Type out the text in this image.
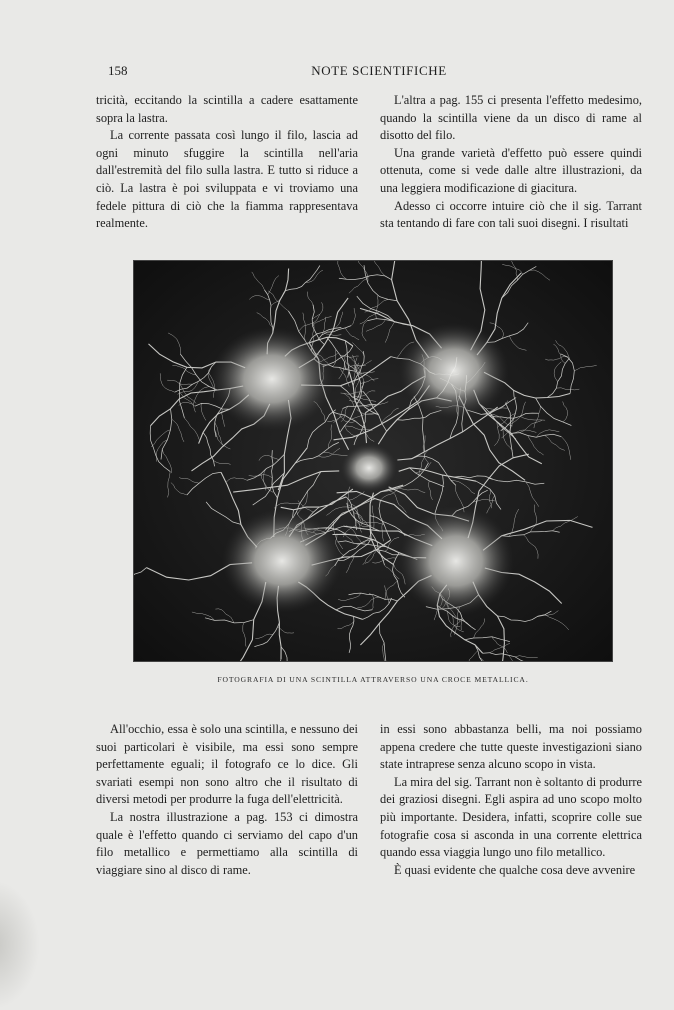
158	NOTE SCIENTIFICHE

tricità, eccitando la scintilla a cadere esattamente sopra la lastra.

La corrente passata così lungo il filo, lascia ad ogni minuto sfuggire la scintilla nell'aria dall'estremità del filo sulla lastra. E tutto si riduce a ciò. La lastra è poi sviluppata e vi troviamo una fedele pittura di ciò che la fiamma rappresentava realmente.

L'altra a pag. 155 ci presenta l'effetto medesimo, quando la scintilla viene da un disco di rame al disotto del filo.

Una grande varietà d'effetto può essere quindi ottenuta, come si vede dalle altre illustrazioni, da una leggiera modificazione di giacitura.

Adesso ci occorre intuire ciò che il sig. Tarrant sta tentando di fare con tali suoi disegni. I risultati

FOTOGRAFIA DI UNA SCINTILLA ATTRAVERSO UNA CROCE METALLICA.

All'occhio, essa è solo una scintilla, e nessuno dei suoi particolari è visibile, ma essi sono sempre perfettamente eguali; il fotografo ce lo dice. Gli svariati esempi non sono altro che il risultato di diversi metodi per produrre la fuga dell'elettricità.

La nostra illustrazione a pag. 153 ci dimostra quale è l'effetto quando ci serviamo del capo d'un filo metallico e permettiamo alla scintilla di viaggiare sino al disco di rame.

in essi sono abbastanza belli, ma noi possiamo appena credere che tutte queste investigazioni siano state intraprese senza alcuno scopo in vista.

La mira del sig. Tarrant non è soltanto di produrre dei graziosi disegni. Egli aspira ad uno scopo molto più importante. Desidera, infatti, scoprire colle sue fotografie cosa si asconda in una corrente elettrica quando essa viaggia lungo uno filo metallico.

È quasi evidente che qualche cosa deve avvenire
